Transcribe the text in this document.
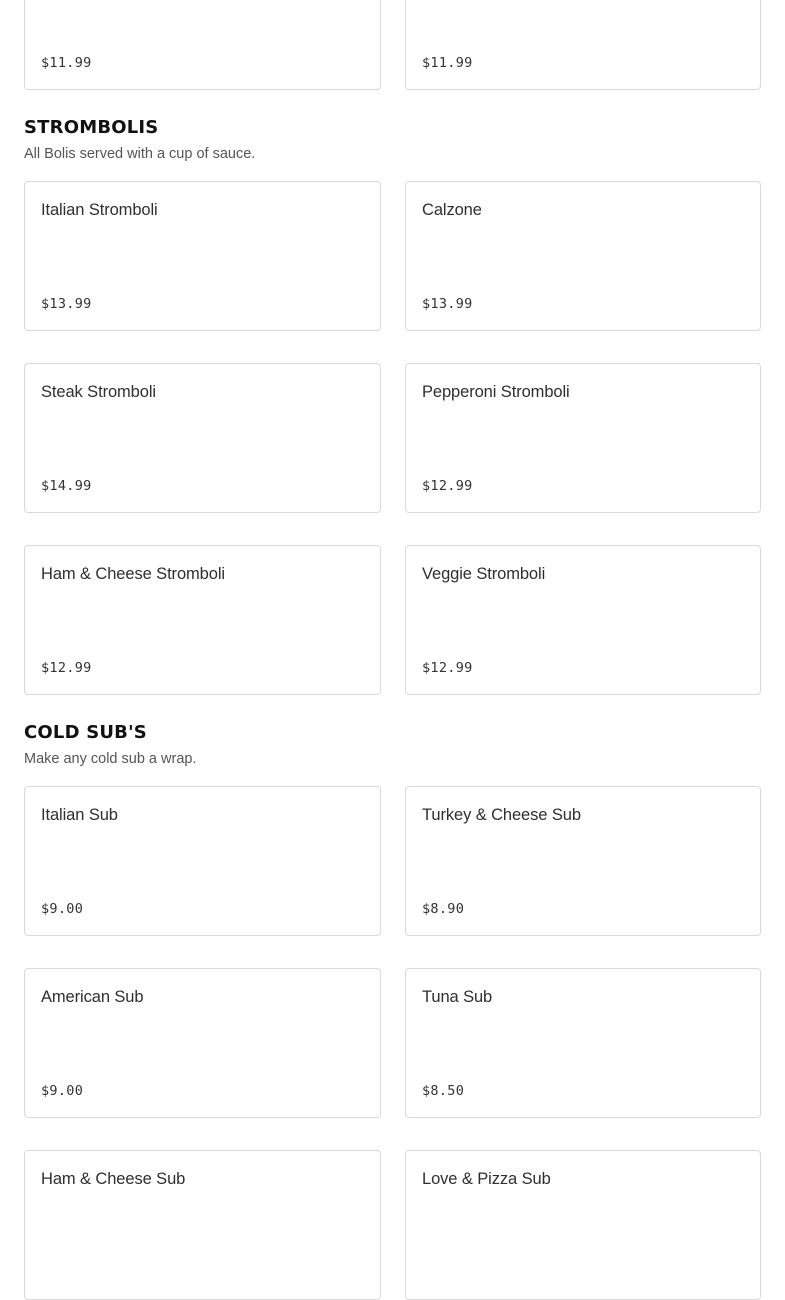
$11.99	$11.99
STROMBOLIS

All Bolis served with a cup of sauce.

Italian Stromboli
$13.99
Calzone
$13.99
Steak Stromboli
$14.99
Pepperoni Stromboli
$12.99
Ham & Cheese Stromboli
$12.99
Veggie Stromboli
$12.99
COLD SUB'S

Make any cold sub a wrap.

Italian Sub
$9.00
Turkey & Cheese Sub
$8.90
American Sub
$9.00
Tuna Sub
$8.50
Ham & Cheese Sub	Love & Pizza Sub
